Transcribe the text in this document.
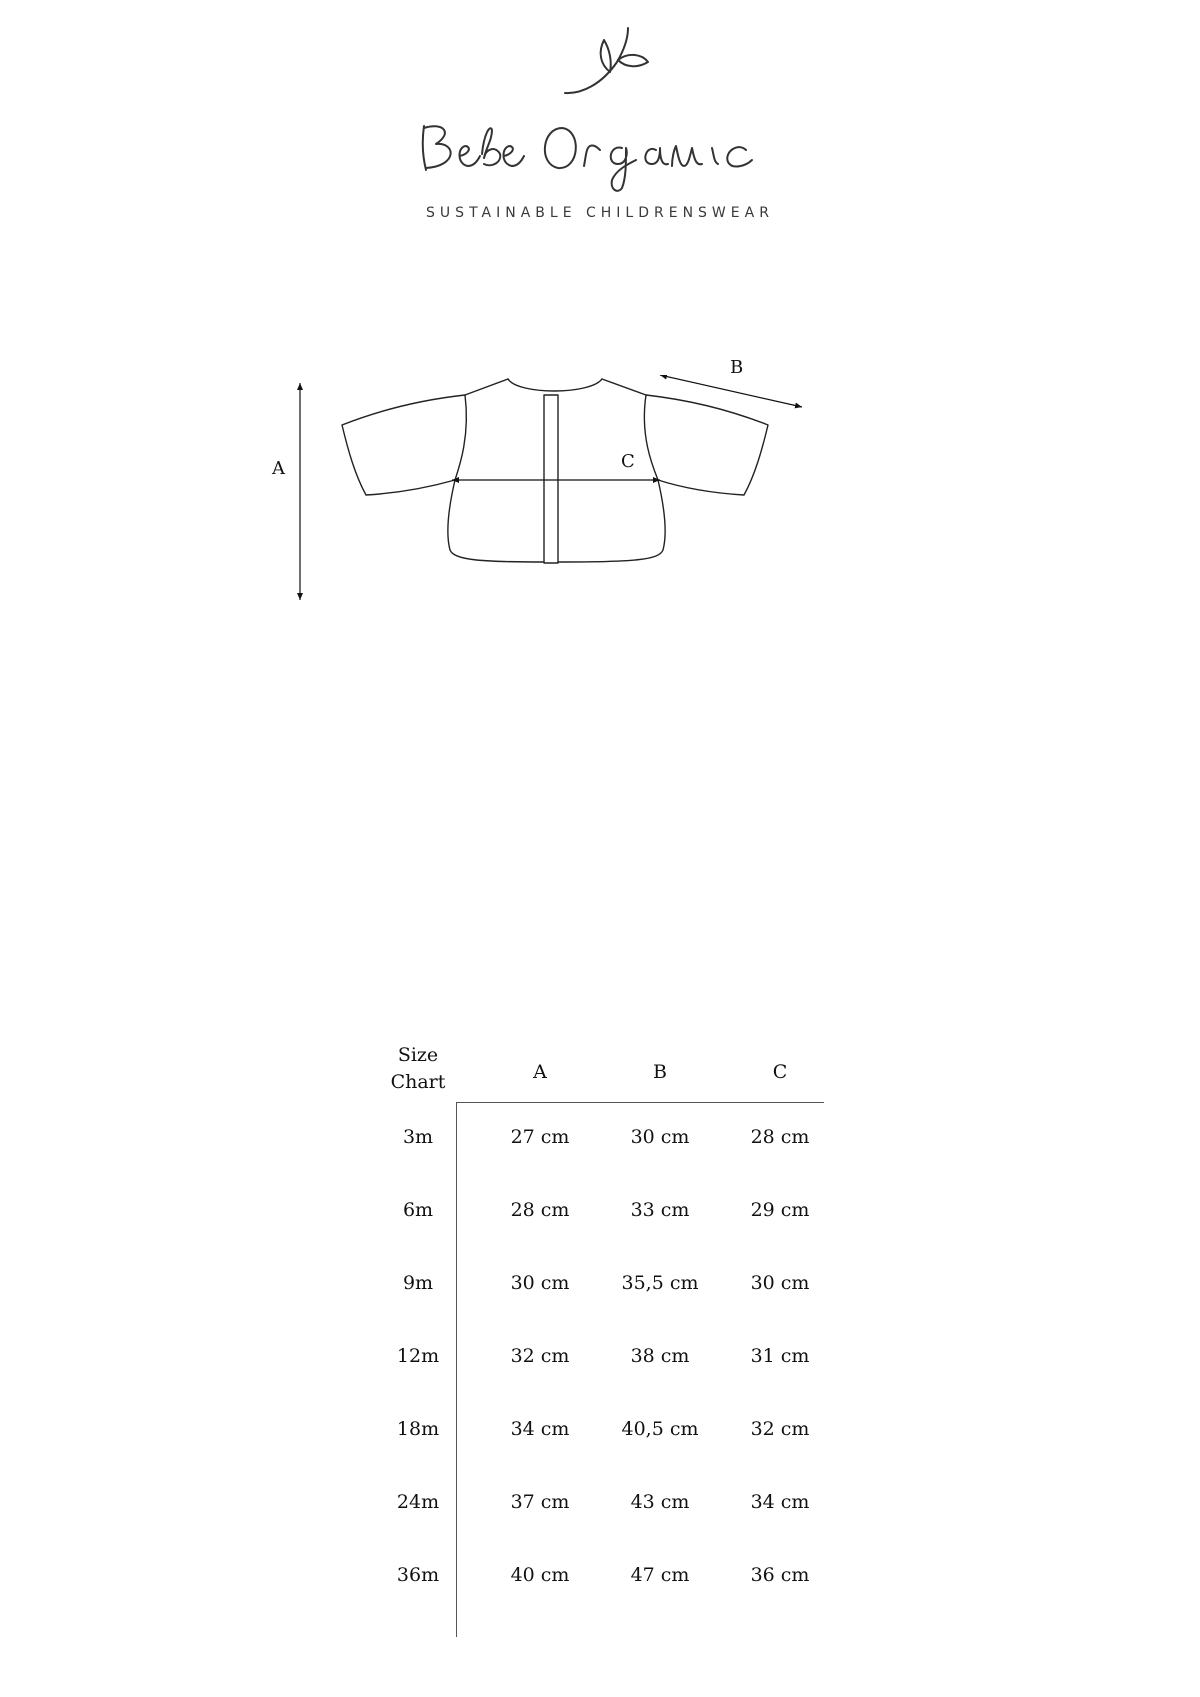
SUSTAINABLE CHILDRENSWEAR
A
B
C
Size
Chart	A	B	C
3m	27 cm	30 cm	28 cm
6m	28 cm	33 cm	29 cm
9m	30 cm	35,5 cm	30 cm
12m	32 cm	38 cm	31 cm
18m	34 cm	40,5 cm	32 cm
24m	37 cm	43 cm	34 cm
36m	40 cm	47 cm	36 cm
